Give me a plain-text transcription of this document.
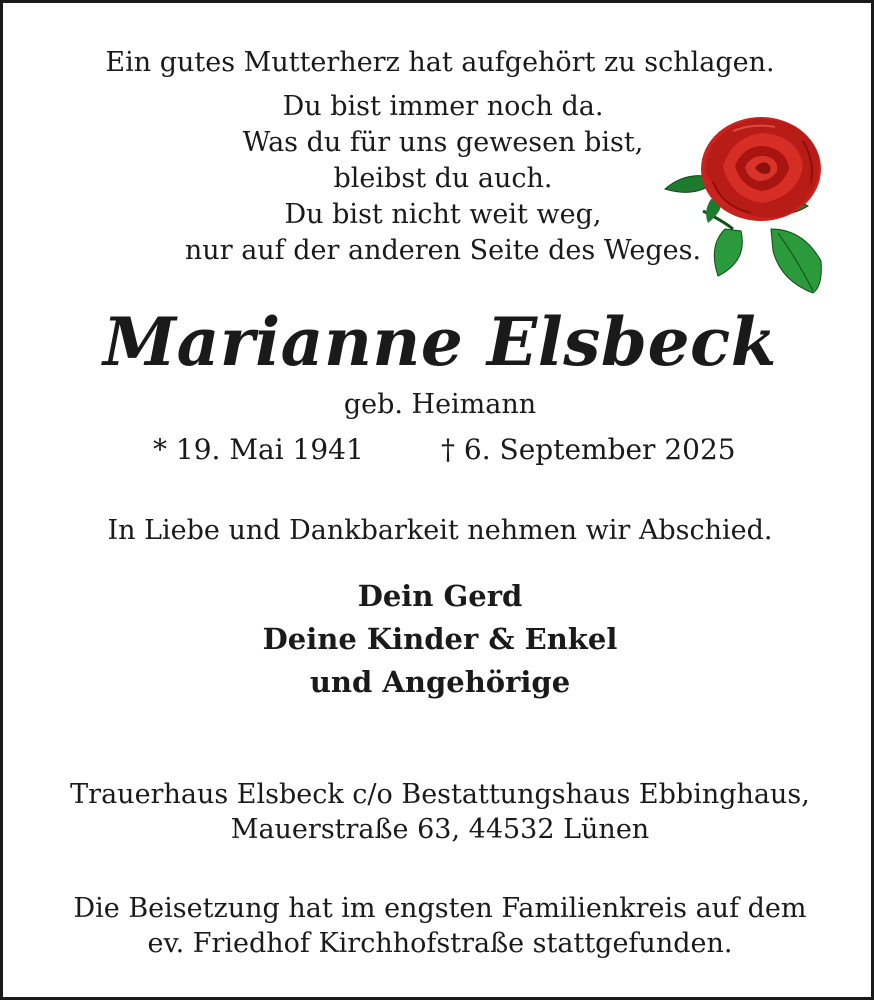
Ein gutes Mutterherz hat aufgehört zu schlagen.
Du bist immer noch da.
Was du für uns gewesen bist,
bleibst du auch.
Du bist nicht weit weg,
nur auf der anderen Seite des Weges.
Marianne Elsbeck
geb. Heimann
* 19. Mai 1941	† 6. September 2025
In Liebe und Dankbarkeit nehmen wir Abschied.
Dein Gerd
Deine Kinder & Enkel
und Angehörige
Trauerhaus Elsbeck c/o Bestattungshaus Ebbinghaus,
Mauerstraße 63, 44532 Lünen
Die Beisetzung hat im engsten Familienkreis auf dem
ev. Friedhof Kirchhofstraße stattgefunden.
